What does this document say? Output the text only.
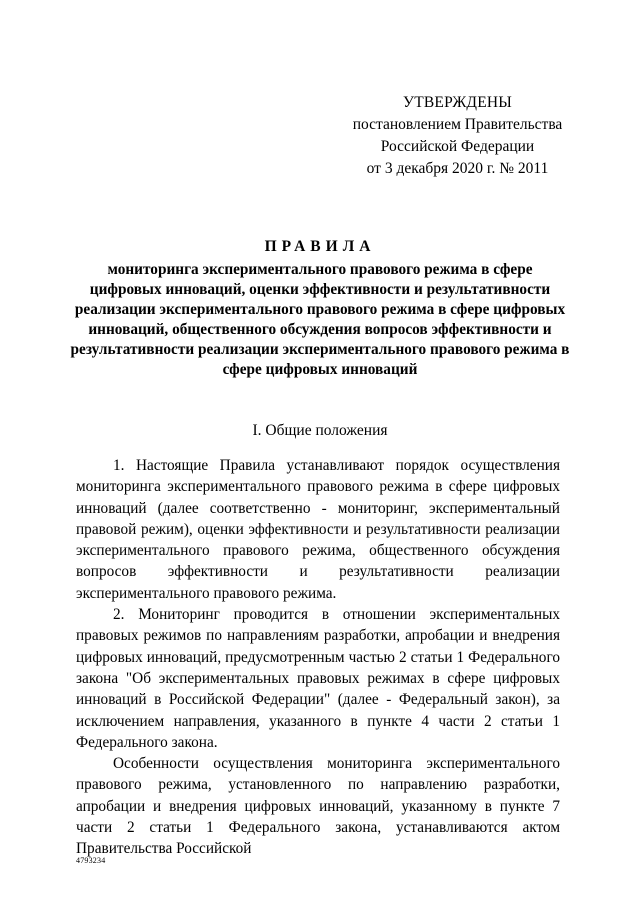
УТВЕРЖДЕНЫ
постановлением Правительства
Российской Федерации
от 3 декабря 2020 г. № 2011
ПРАВИЛА
мониторинга экспериментального правового режима в сфере цифровых инноваций, оценки эффективности и результативности реализации экспериментального правового режима в сфере цифровых инноваций, общественного обсуждения вопросов эффективности и результативности реализации экспериментального правового режима в сфере цифровых инноваций
I. Общие положения

1. Настоящие Правила устанавливают порядок осуществления мониторинга экспериментального правового режима в сфере цифровых инноваций (далее соответственно - мониторинг, экспериментальный правовой режим), оценки эффективности и результативности реализации экспериментального правового режима, общественного обсуждения вопросов эффективности и результативности реализации экспериментального правового режима.

2. Мониторинг проводится в отношении экспериментальных правовых режимов по направлениям разработки, апробации и внедрения цифровых инноваций, предусмотренным частью 2 статьи 1 Федерального закона "Об экспериментальных правовых режимах в сфере цифровых инноваций в Российской Федерации" (далее - Федеральный закон), за исключением направления, указанного в пункте 4 части 2 статьи 1 Федерального закона.

Особенности осуществления мониторинга экспериментального правового режима, установленного по направлению разработки, апробации и внедрения цифровых инноваций, указанному в пункте 7 части 2 статьи 1 Федерального закона, устанавливаются актом Правительства Российской

4793234
